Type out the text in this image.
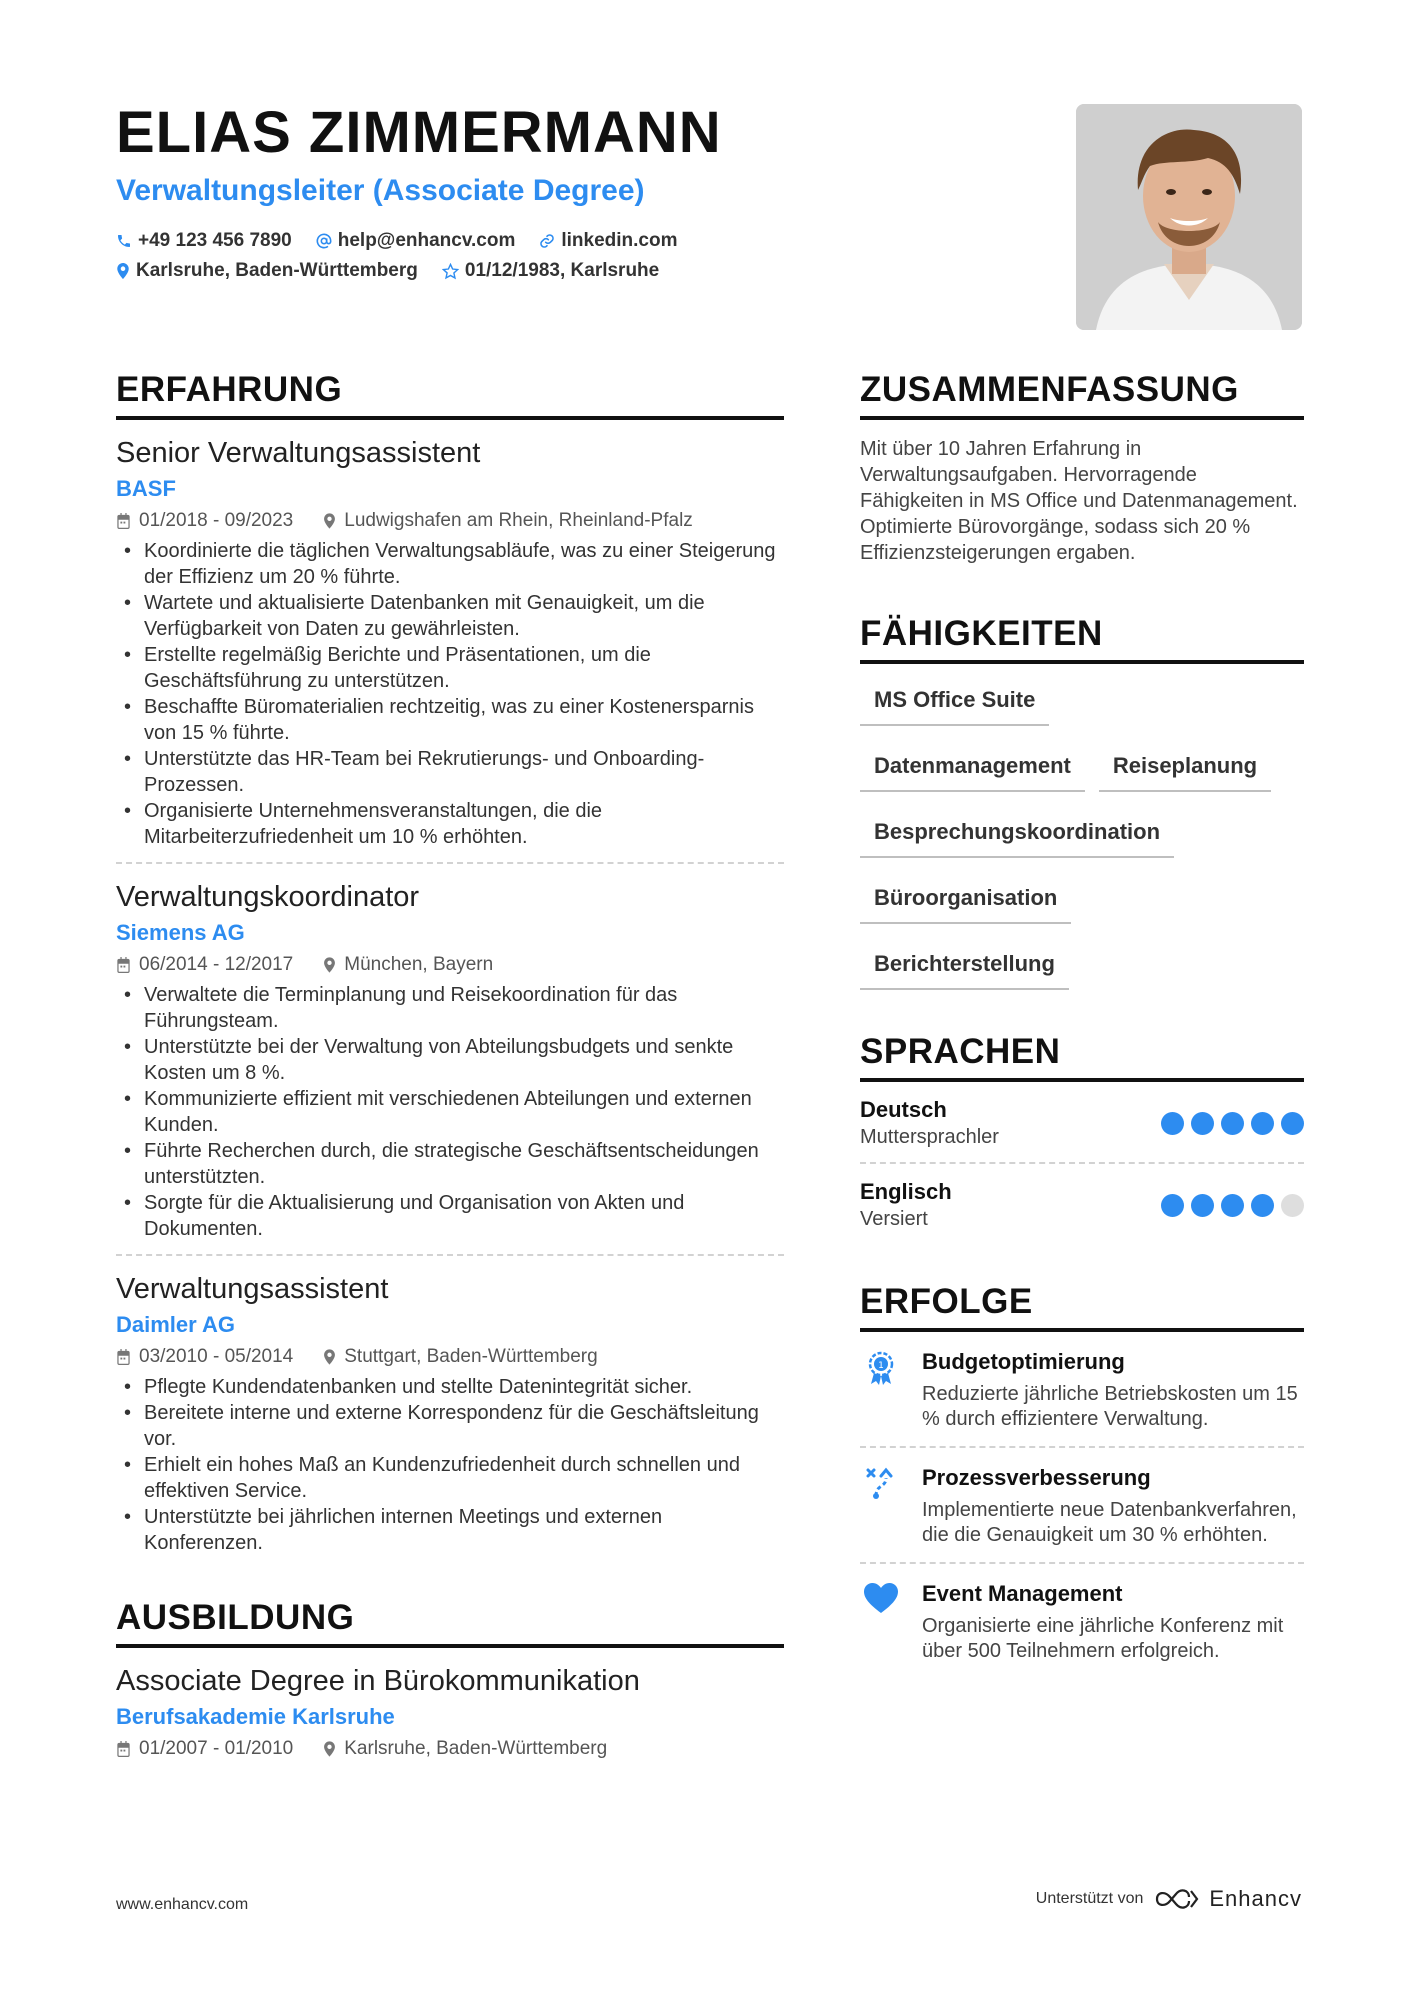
ELIAS ZIMMERMANN
Verwaltungsleiter (Associate Degree)
+49 123 456 7890 help@enhancv.com linkedin.com
Karlsruhe, Baden-Württemberg 01/12/1983, Karlsruhe
ERFAHRUNG
Senior Verwaltungsassistent
BASF
01/2018 - 09/2023	Ludwigshafen am Rhein, Rheinland-Pfalz
• Koordinierte die täglichen Verwaltungsabläufe, was zu einer Steigerung der Effizienz um 20 % führte.
• Wartete und aktualisierte Datenbanken mit Genauigkeit, um die Verfügbarkeit von Daten zu gewährleisten.
• Erstellte regelmäßig Berichte und Präsentationen, um die Geschäftsführung zu unterstützen.
• Beschaffte Büromaterialien rechtzeitig, was zu einer Kostenersparnis von 15 % führte.
• Unterstützte das HR-Team bei Rekrutierungs- und Onboarding-Prozessen.
• Organisierte Unternehmensveranstaltungen, die die Mitarbeiterzufriedenheit um 10 % erhöhten.
Verwaltungskoordinator
Siemens AG
06/2014 - 12/2017	München, Bayern
• Verwaltete die Terminplanung und Reisekoordination für das Führungsteam.
• Unterstützte bei der Verwaltung von Abteilungsbudgets und senkte Kosten um 8 %.
• Kommunizierte effizient mit verschiedenen Abteilungen und externen Kunden.
• Führte Recherchen durch, die strategische Geschäftsentscheidungen unterstützten.
• Sorgte für die Aktualisierung und Organisation von Akten und Dokumenten.
Verwaltungsassistent
Daimler AG
03/2010 - 05/2014	Stuttgart, Baden-Württemberg
• Pflegte Kundendatenbanken und stellte Datenintegrität sicher.
• Bereitete interne und externe Korrespondenz für die Geschäftsleitung vor.
• Erhielt ein hohes Maß an Kundenzufriedenheit durch schnellen und effektiven Service.
• Unterstützte bei jährlichen internen Meetings und externen Konferenzen.
AUSBILDUNG
Associate Degree in Bürokommunikation
Berufsakademie Karlsruhe
01/2007 - 01/2010	Karlsruhe, Baden-Württemberg
ZUSAMMENFASSUNG
Mit über 10 Jahren Erfahrung in Verwaltungsaufgaben. Hervorragende Fähigkeiten in MS Office und Datenmanagement. Optimierte Bürovorgänge, sodass sich 20 % Effizienzsteigerungen ergaben.
FÄHIGKEITEN
MS Office Suite
Datenmanagement	Reiseplanung
Besprechungskoordination
Büroorganisation
Berichterstellung
SPRACHEN
Deutsch
Muttersprachler
Englisch
Versiert
ERFOLGE
1 Budgetoptimierung
Reduzierte jährliche Betriebskosten um 15 % durch effizientere Verwaltung.
Prozessverbesserung
Implementierte neue Datenbankverfahren, die die Genauigkeit um 30 % erhöhten.
Event Management
Organisierte eine jährliche Konferenz mit über 500 Teilnehmern erfolgreich.
www.enhancv.com	Unterstützt von	Enhancv
